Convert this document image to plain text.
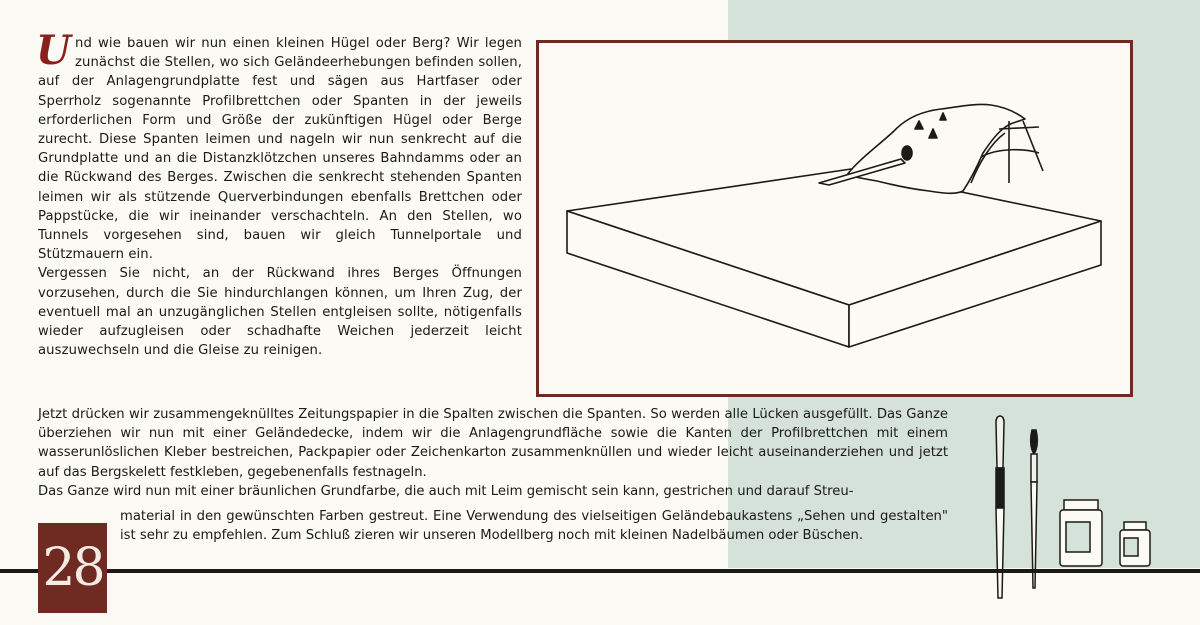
Und wie bauen wir nun einen kleinen Hügel oder Berg? Wir legen zunächst die Stellen, wo sich Geländeerhebungen befinden sollen, auf der Anlagengrundplatte fest und sägen aus Hartfaser oder Sperrholz sogenannte Profilbrettchen oder Spanten in der jeweils erforderlichen Form und Größe der zukünftigen Hügel oder Berge zurecht. Diese Spanten leimen und nageln wir nun senkrecht auf die Grundplatte und an die Distanzklötzchen unseres Bahndamms oder an die Rückwand des Berges. Zwischen die senkrecht stehenden Spanten leimen wir als stützende Querverbindungen ebenfalls Brettchen oder Pappstücke, die wir ineinander verschachteln. An den Stellen, wo Tunnels vorgesehen sind, bauen wir gleich Tunnelportale und Stützmauern ein.

Vergessen Sie nicht, an der Rückwand ihres Berges Öffnungen vorzusehen, durch die Sie hindurchlangen können, um Ihren Zug, der eventuell mal an unzugänglichen Stellen entgleisen sollte, nötigenfalls wieder aufzugleisen oder schadhafte Weichen jederzeit leicht auszuwechseln und die Gleise zu reinigen.

Jetzt drücken wir zusammengeknülltes Zeitungspapier in die Spalten zwischen die Spanten. So werden alle Lücken ausgefüllt. Das Ganze überziehen wir nun mit einer Geländedecke, indem wir die Anlagengrundfläche sowie die Kanten der Profilbrettchen mit einem wasserunlöslichen Kleber bestreichen, Packpapier oder Zeichenkarton zusammenknüllen und wieder leicht auseinanderziehen und jetzt auf das Bergskelett festkleben, gegebenenfalls festnageln.

Das Ganze wird nun mit einer bräunlichen Grundfarbe, die auch mit Leim gemischt sein kann, gestrichen und darauf Streu-

material in den gewünschten Farben gestreut. Eine Verwendung des vielseitigen Geländebaukastens „Sehen und gestalten" ist sehr zu empfehlen. Zum Schluß zieren wir unseren Modellberg noch mit kleinen Nadelbäumen oder Büschen.

28
